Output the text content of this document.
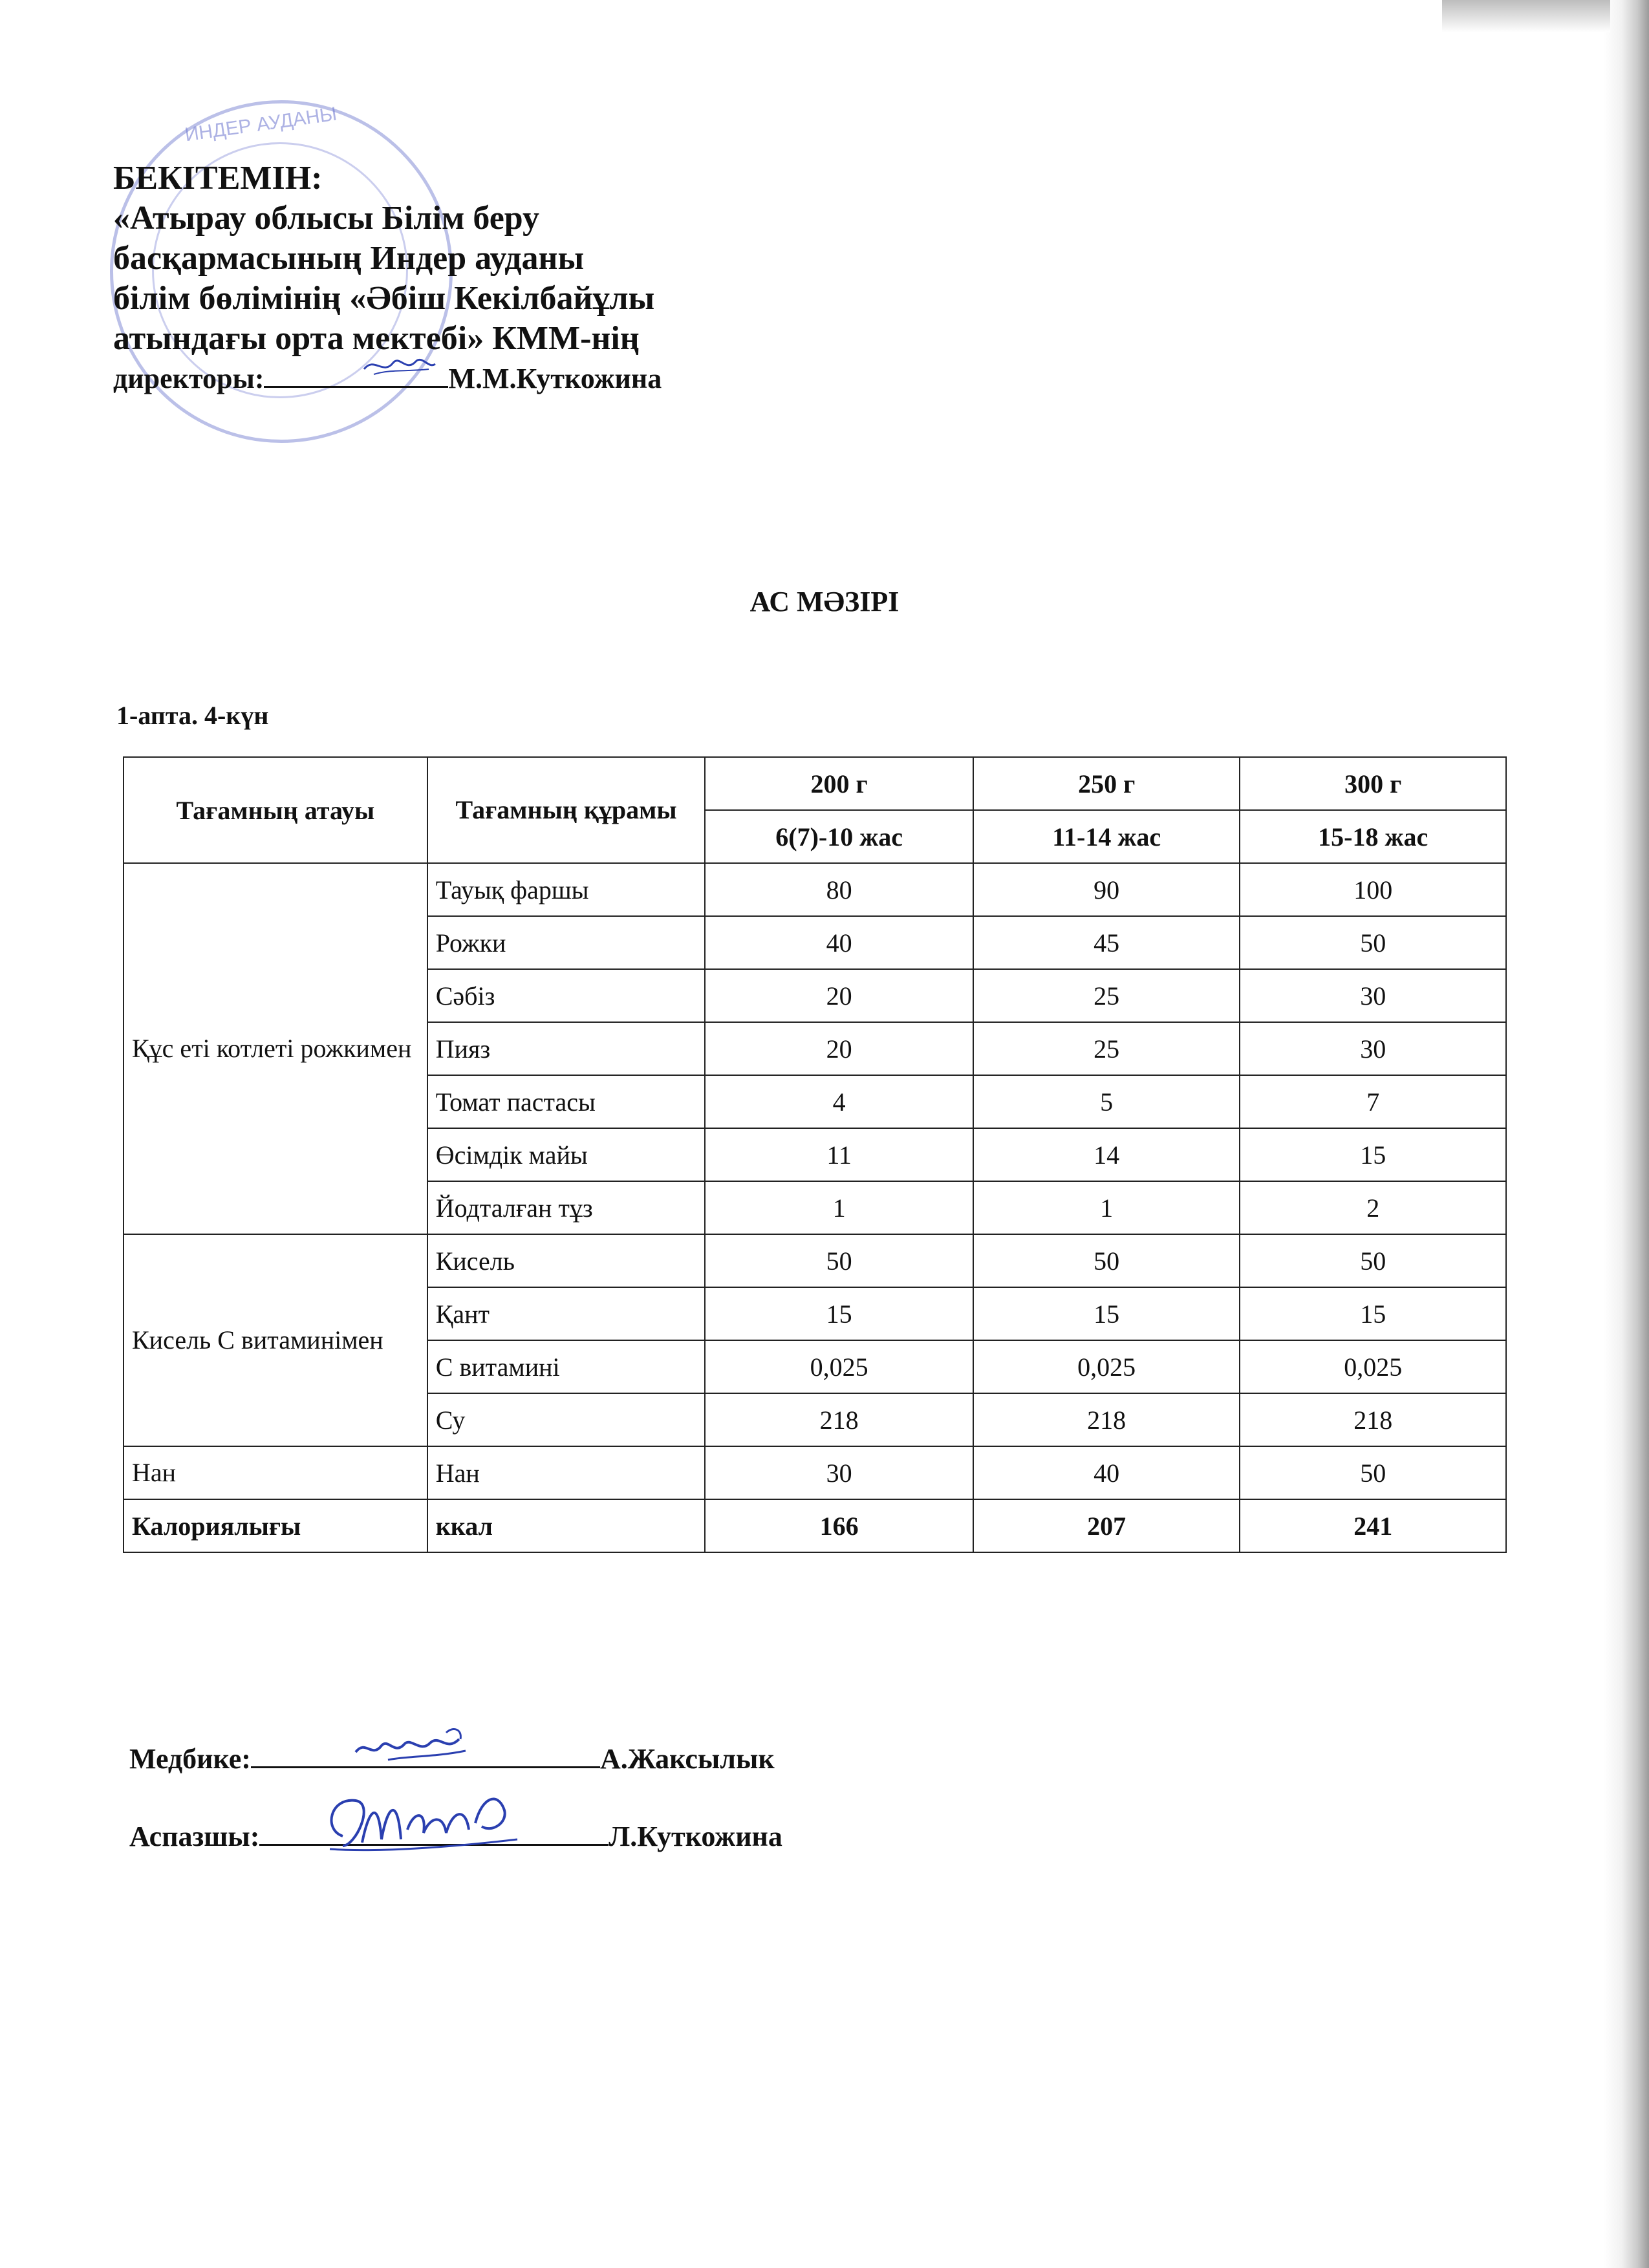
ИНДЕР АУДАНЫ
БЕКІТЕМІН:
«Атырау облысы Білім беру
басқармасының Индер ауданы
білім бөлімінің «Әбіш Кекілбайұлы
атындағы орта мектебі» КММ-нің
директоры:	М.М.Куткожина
АС МӘЗІРІ
1-апта. 4-күн
Тағамның атауы	Тағамның құрамы	200 г	250 г	300 г
		6(7)-10 жас	11-14 жас	15-18 жас
Құс еті котлеті рожкимен	Тауық фаршы	80	90	100
	Рожки	40	45	50
	Сәбіз	20	25	30
	Пияз	20	25	30
	Томат пастасы	4	5	7
	Өсімдік майы	11	14	15
	Йодталған тұз	1	1	2
Кисель С витаминімен	Кисель	50	50	50
	Қант	15	15	15
	С витамині	0,025	0,025	0,025
	Су	218	218	218
Нан	Нан	30	40	50
Калориялығы	ккал	166	207	241
Медбике:	А.Жаксылык
Аспазшы:	Л.Куткожина
